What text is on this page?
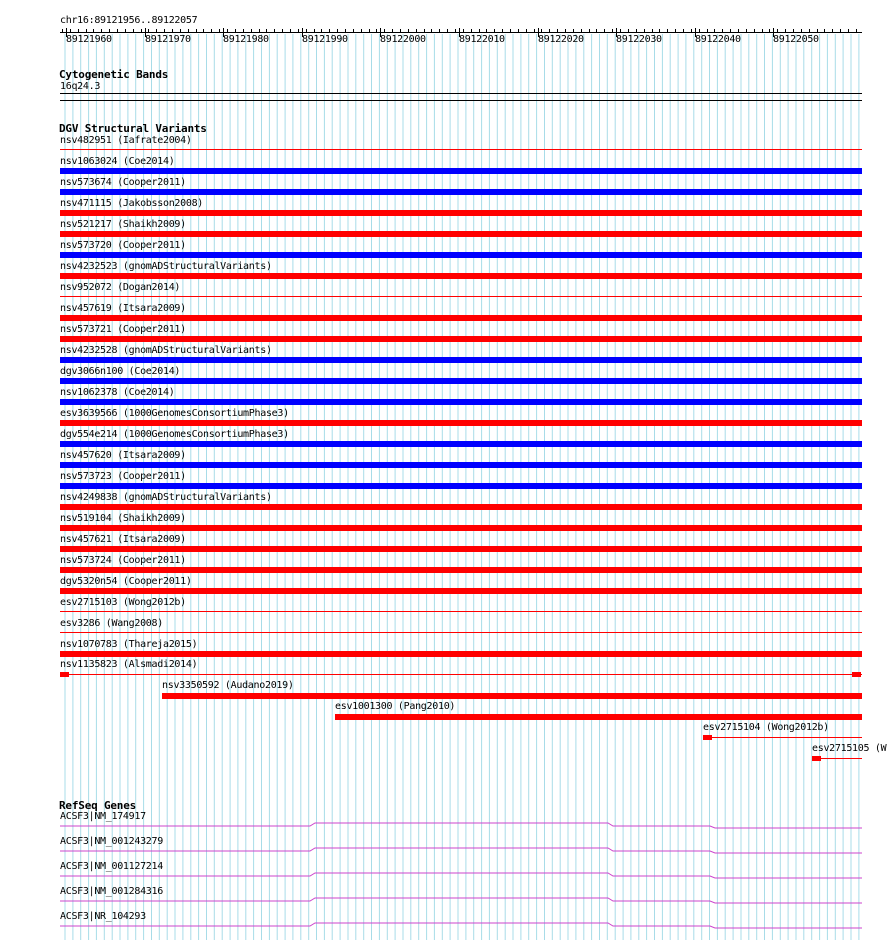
chr16:89121956..89122057
89121960	89121970	89121980	89121990	89122000	89122010	89122020	89122030	89122040	89122050
Cytogenetic Bands
16q24.3
DGV Structural Variants
nsv482951 (Iafrate2004)
nsv1063024 (Coe2014)
nsv573674 (Cooper2011)
nsv471115 (Jakobsson2008)
nsv521217 (Shaikh2009)
nsv573720 (Cooper2011)
nsv4232523 (gnomADStructuralVariants)
nsv952072 (Dogan2014)
nsv457619 (Itsara2009)
nsv573721 (Cooper2011)
nsv4232528 (gnomADStructuralVariants)
dgv3066n100 (Coe2014)
nsv1062378 (Coe2014)
esv3639566 (1000GenomesConsortiumPhase3)
dgv554e214 (1000GenomesConsortiumPhase3)
nsv457620 (Itsara2009)
nsv573723 (Cooper2011)
nsv4249838 (gnomADStructuralVariants)
nsv519104 (Shaikh2009)
nsv457621 (Itsara2009)
nsv573724 (Cooper2011)
dgv5320n54 (Cooper2011)
esv2715103 (Wong2012b)
esv3286 (Wang2008)
nsv1070783 (Thareja2015)
nsv1135823 (Alsmadi2014)
nsv3350592 (Audano2019)
esv1001300 (Pang2010)
esv2715104 (Wong2012b)
esv2715105 (W
RefSeq Genes
ACSF3|NM_174917
ACSF3|NM_001243279
ACSF3|NM_001127214
ACSF3|NM_001284316
ACSF3|NR_104293
